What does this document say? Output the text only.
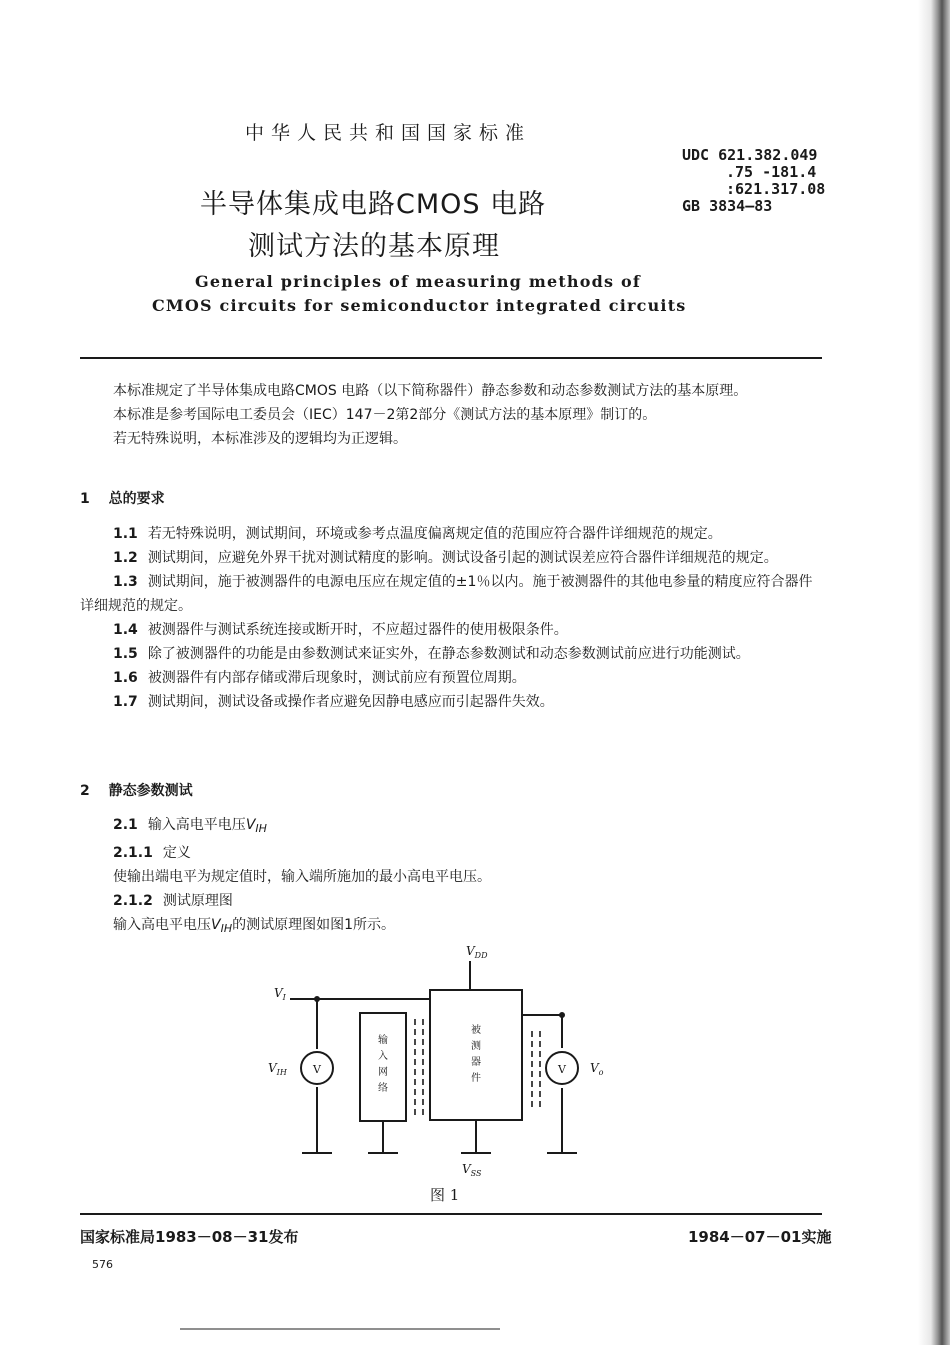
中华人民共和国国家标准
UDC 621.382.049
.75 -181.4
:621.317.08
GB 3834—83
半导体集成电路CMOS 电路
测试方法的基本原理
General principles of measuring methods of
CMOS circuits for semiconductor integrated circuits

本标准规定了半导体集成电路CMOS 电路（以下简称器件）静态参数和动态参数测试方法的基本原理。

本标准是参考国际电工委员会（IEC）147－2第2部分《测试方法的基本原理》制订的。

若无特殊说明，本标准涉及的逻辑均为正逻辑。

1 总的要求

1.1 若无特殊说明，测试期间，环境或参考点温度偏离规定值的范围应符合器件详细规范的规定。

1.2 测试期间，应避免外界干扰对测试精度的影响。测试设备引起的测试误差应符合器件详细规范的规定。

1.3 测试期间，施于被测器件的电源电压应在规定值的±1％以内。施于被测器件的其他电参量的精度应符合器件详细规范的规定。

1.4 被测器件与测试系统连接或断开时，不应超过器件的使用极限条件。

1.5 除了被测器件的功能是由参数测试来证实外，在静态参数测试和动态参数测试前应进行功能测试。

1.6 被测器件有内部存储或滞后现象时，测试前应有预置位周期。

1.7 测试期间，测试设备或操作者应避免因静电感应而引起器件失效。

2 静态参数测试

2.1 输入高电平电压$V_{IH}$

2.1.1 定义

使输出端电平为规定值时，输入端所施加的最小高电平电压。

2.1.2 测试原理图

输入高电平电压$V_{IH}$的测试原理图如图1所示。

$V_{DD}$
$V_I$
$V_{IH}$	$V_o$
$V_{SS}$
V	V
输
入
网
络
被
测
器
件
图 1
国家标准局1983－08－31发布	1984－07－01实施
576
